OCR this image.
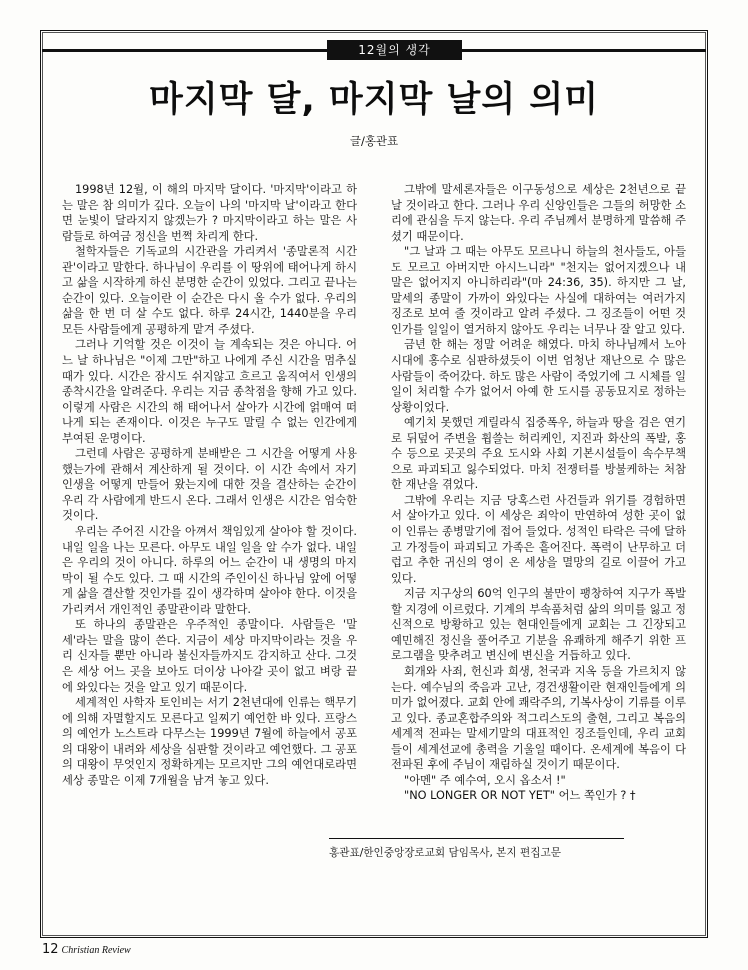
12월의 생각
마지막 달, 마지막 날의 의미
글/홍관표

1998년 12월, 이 해의 마지막 달이다. '마지막'이라고 하는 말은 참 의미가 깊다. 오늘이 나의 '마지막 날'이라고 한다면 눈빛이 달라지지 않겠는가 ? 마지막이라고 하는 말은 사람들로 하여금 정신을 번쩍 차리게 한다.

철학자들은 기독교의 시간관을 가리켜서 '종말론적 시간관'이라고 말한다. 하나님이 우리를 이 땅위에 태어나게 하시고 삶을 시작하게 하신 분명한 순간이 있었다. 그리고 끝나는 순간이 있다. 오늘이란 이 순간은 다시 올 수가 없다. 우리의 삶을 한 번 더 살 수도 없다. 하루 24시간, 1440분을 우리 모든 사람들에게 공평하게 맡겨 주셨다.

그러나 기억할 것은 이것이 늘 계속되는 것은 아니다. 어느 날 하나님은 "이제 그만"하고 나에게 주신 시간을 멈추실 때가 있다. 시간은 잠시도 쉬지않고 흐르고 움직여서 인생의 종착시간을 알려준다. 우리는 지금 종착점을 향해 가고 있다. 이렇게 사람은 시간의 해 태어나서 살아가 시간에 얽매여 떠나게 되는 존재이다. 이것은 누구도 말릴 수 없는 인간에게 부여된 운명이다.

그런데 사람은 공평하게 분배받은 그 시간을 어떻게 사용했는가에 관해서 계산하게 될 것이다. 이 시간 속에서 자기 인생을 어떻게 만들어 왔는지에 대한 것을 결산하는 순간이 우리 각 사람에게 반드시 온다. 그래서 인생은 시간은 엄숙한 것이다.

우리는 주어진 시간을 아껴서 책임있게 살아야 할 것이다. 내일 일을 나는 모른다. 아무도 내일 일을 알 수가 없다. 내일은 우리의 것이 아니다. 하루의 어느 순간이 내 생명의 마지막이 될 수도 있다. 그 때 시간의 주인이신 하나님 앞에 어떻게 삶을 결산할 것인가를 깊이 생각하며 살아야 한다. 이것을 가리켜서 개인적인 종말관이라 말한다.

또 하나의 종말관은 우주적인 종말이다. 사람들은 '말세'라는 말을 많이 쓴다. 지금이 세상 마지막이라는 것을 우리 신자들 뿐만 아니라 불신자들까지도 감지하고 산다. 그것은 세상 어느 곳을 보아도 더이상 나아갈 곳이 없고 벼랑 끝에 와있다는 것을 알고 있기 때문이다.

세계적인 사학자 토인비는 서기 2천년대에 인류는 핵무기에 의해 자멸할지도 모른다고 일찌기 예언한 바 있다. 프랑스의 예언가 노스트라 다무스는 1999년 7월에 하늘에서 공포의 대왕이 내려와 세상을 심판할 것이라고 예언했다. 그 공포의 대왕이 무엇인지 정확하게는 모르지만 그의 예언대로라면 세상 종말은 이제 7개월을 남겨 놓고 있다.

그밖에 말세론자들은 이구동성으로 세상은 2천년으로 끝날 것이라고 한다. 그러나 우리 신앙인들은 그들의 허망한 소리에 관심을 두지 않는다. 우리 주님께서 분명하게 말씀해 주셨기 때문이다.

"그 날과 그 때는 아무도 모르나니 하늘의 천사들도, 아들도 모르고 아버지만 아시느니라" "천지는 없어지겠으나 내 말은 없어지지 아니하리라"(마 24:36, 35). 하지만 그 날, 말세의 종말이 가까이 와있다는 사실에 대하여는 여러가지 징조로 보여 줄 것이라고 알려 주셨다. 그 징조들이 어떤 것인가를 일일이 열거하지 않아도 우리는 너무나 잘 알고 있다.

금년 한 해는 정말 어려운 해였다. 마치 하나님께서 노아시대에 홍수로 심판하셨듯이 이번 엄청난 재난으로 수 많은 사람들이 죽어갔다. 하도 많은 사람이 죽었기에 그 시체를 일일이 처리할 수가 없어서 아예 한 도시를 공동묘지로 정하는 상황이었다.

예기치 못했던 게릴라식 집중폭우, 하늘과 땅을 검은 연기로 뒤덮어 주변을 휩쓸는 허리케인, 지진과 화산의 폭발, 홍수 등으로 곳곳의 주요 도시와 사회 기본시설들이 속수무책으로 파괴되고 잃수되었다. 마치 전쟁터를 방불케하는 처참한 재난을 겪었다.

그밖에 우리는 지금 당혹스런 사건들과 위기를 경험하면서 살아가고 있다. 이 세상은 죄악이 만연하여 성한 곳이 없이 인류는 종병말기에 접어 들었다. 성적인 타락은 극에 달하고 가정들이 파괴되고 가족은 흩어진다. 폭력이 난무하고 더럽고 추한 귀신의 영이 온 세상을 멸망의 길로 이끌어 가고 있다.

지금 지구상의 60억 인구의 불만이 팽창하여 지구가 폭발할 지경에 이르렀다. 기계의 부속품처럼 삶의 의미를 잃고 정신적으로 방황하고 있는 현대인들에게 교회는 그 긴장되고 예민해진 정신을 풀어주고 기분을 유쾌하게 해주기 위한 프로그램을 맞추려고 변신에 변신을 거듭하고 있다.

회개와 사죄, 헌신과 희생, 천국과 지옥 등을 가르치지 않는다. 예수님의 죽음과 고난, 경건생활이란 현재인들에게 의미가 없어졌다. 교회 안에 쾌락주의, 기복사상이 기류를 이루고 있다. 종교혼합주의와 적그리스도의 출현, 그리고 복음의 세계적 전파는 말세기말의 대표적인 징조들인데, 우리 교회들이 세계선교에 총력을 기울일 때이다. 온세계에 복음이 다 전파된 후에 주님이 재림하실 것이기 때문이다.

"아멘" 주 예수여, 오시 옵소서 !"

"NO LONGER OR NOT YET" 어느 쪽인가 ? †

홍관표/한인중앙장로교회 담임목사, 본지 편집고문
12 Christian Review
